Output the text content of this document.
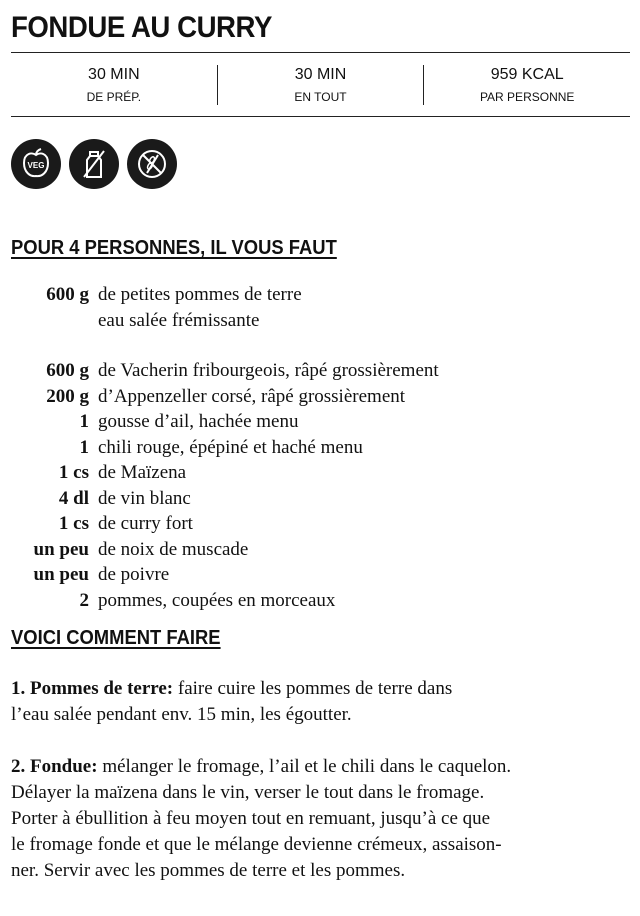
FONDUE AU CURRY
30 MIN
DE PRÉP.
30 MIN
EN TOUT
959 KCAL
PAR PERSONNE
VEG
POUR 4 PERSONNES, IL VOUS FAUT
600 g de petites pommes de terre
eau salée frémissante
600 g de Vacherin fribourgeois, râpé grossièrement
200 g d’Appenzeller corsé, râpé grossièrement
1 gousse d’ail, hachée menu
1 chili rouge, épépiné et haché menu
1 cs de Maïzena
4 dl de vin blanc
1 cs de curry fort
un peu de noix de muscade
un peu de poivre
2 pommes, coupées en morceaux
VOICI COMMENT FAIRE
1. Pommes de terre: faire cuire les pommes de terre dans
l’eau salée pendant env. 15 min, les égoutter.
2. Fondue: mélanger le fromage, l’ail et le chili dans le caquelon.
Délayer la maïzena dans le vin, verser le tout dans le fromage.
Porter à ébullition à feu moyen tout en remuant, jusqu’à ce que
le fromage fonde et que le mélange devienne crémeux, assaison-
ner. Servir avec les pommes de terre et les pommes.
